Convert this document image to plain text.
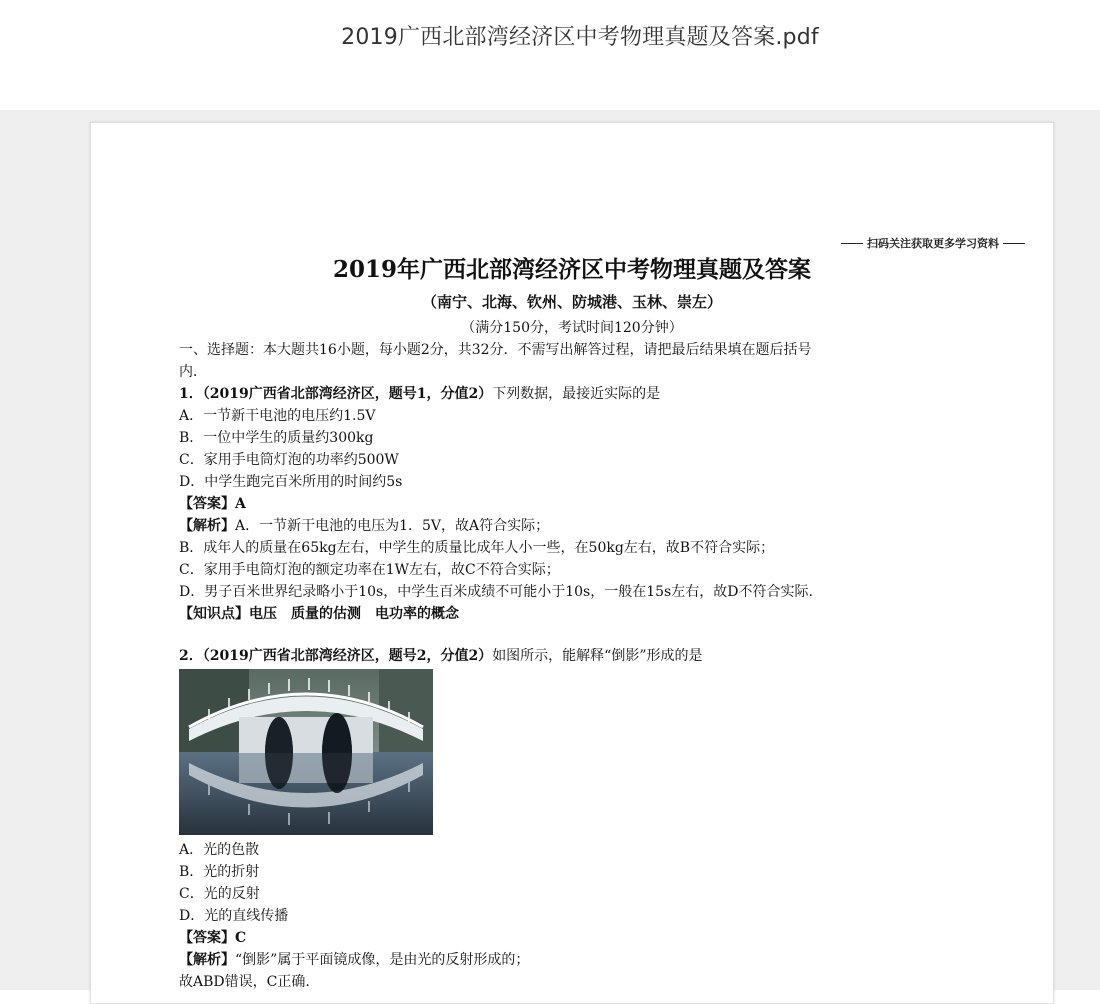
2019广西北部湾经济区中考物理真题及答案.pdf
扫码关注获取更多学习资料
2019年广西北部湾经济区中考物理真题及答案
（南宁、北海、钦州、防城港、玉林、崇左）
（满分150分，考试时间120分钟）

一、选择题：本大题共16小题，每小题2分，共32分．不需写出解答过程，请把最后结果填在题后括号

内．

1．（2019广西省北部湾经济区，题号1，分值2）下列数据，最接近实际的是

A．一节新干电池的电压约1.5V

B．一位中学生的质量约300kg

C．家用手电筒灯泡的功率约500W

D．中学生跑完百米所用的时间约5s

【答案】A

【解析】A．一节新干电池的电压为1．5V，故A符合实际；

B．成年人的质量在65kg左右，中学生的质量比成年人小一些，在50kg左右，故B不符合实际；

C．家用手电筒灯泡的额定功率在1W左右，故C不符合实际；

D．男子百米世界纪录略小于10s，中学生百米成绩不可能小于10s，一般在15s左右，故D不符合实际.

【知识点】电压　质量的估测　电功率的概念

2．（2019广西省北部湾经济区，题号2，分值2）如图所示，能解释“倒影”形成的是

A．光的色散

B．光的折射

C．光的反射

D．光的直线传播

【答案】C

【解析】“倒影”属于平面镜成像，是由光的反射形成的；

故ABD错误，C正确.
